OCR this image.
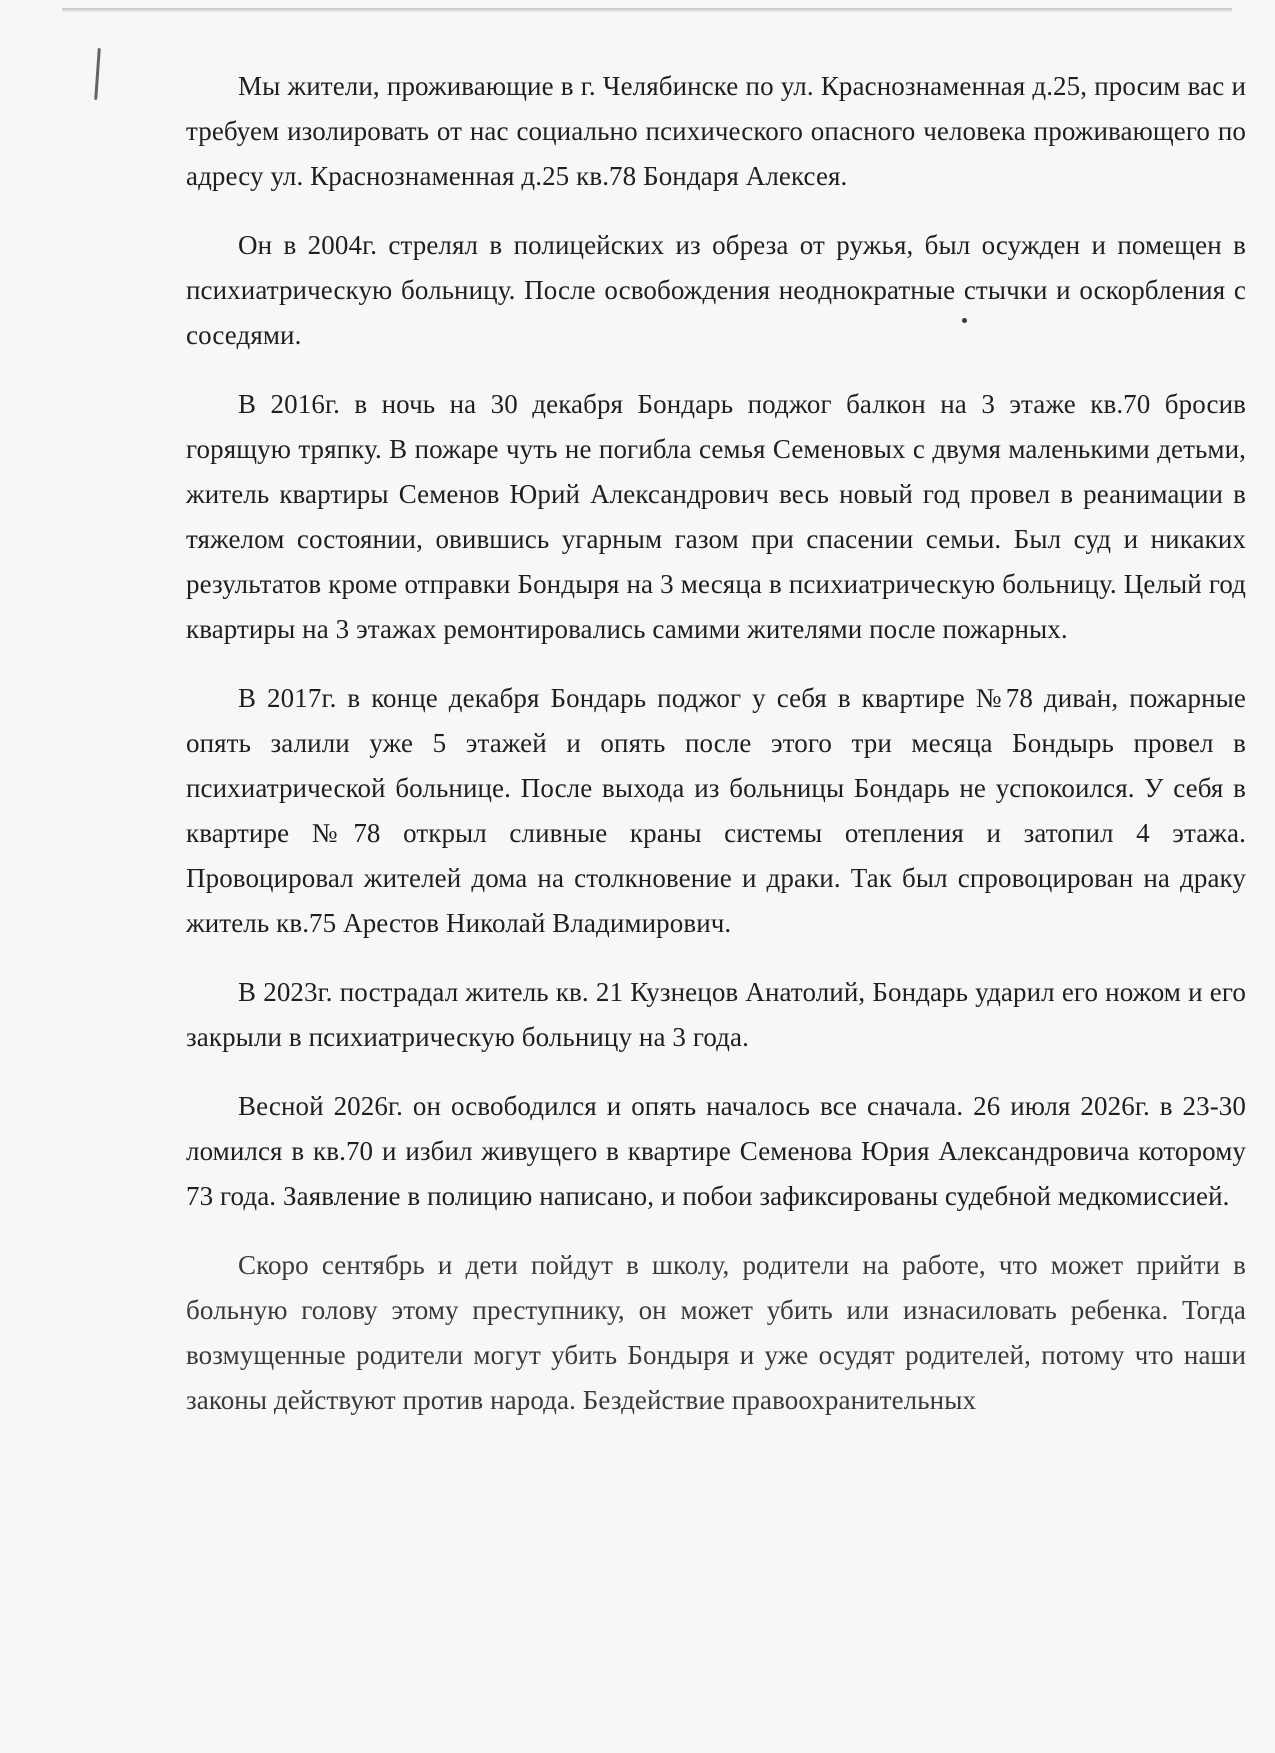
Мы жители, проживающие в г. Челябинске по ул. Краснознаменная д.25, просим вас и требуем изолировать от нас социально психического опасного человека проживающего по адресу ул. Краснознаменная д.25 кв.78 Бондаря Алексея.

Он в 2004г. стрелял в полицейских из обреза от ружья, был осужден и помещен в психиатрическую больницу. После освобождения неоднократные стычки и оскорбления с соседями.

В 2016г. в ночь на 30 декабря Бондарь поджог балкон на 3 этаже кв.70 бросив горящую тряпку. В пожаре чуть не погибла семья Семеновых с двумя маленькими детьми, житель квартиры Семенов Юрий Александрович весь новый год провел в реанимации в тяжелом состоянии, овившись угарным газом при спасении семьи. Был суд и никаких результатов кроме отправки Бондыря на 3 месяца в психиатрическую больницу. Целый год квартиры на 3 этажах ремонтировались самими жителями после пожарных.

В 2017г. в конце декабря Бондарь поджог у себя в квартире №78 диван, пожарные опять залили уже 5 этажей и опять после этого три месяца Бондырь провел в психиатрической больнице. После выхода из больницы Бондарь не успокоился. У себя в квартире №78 открыл сливные краны системы отепления и затопил 4 этажа. Провоцировал жителей дома на столкновение и драки. Так был спровоцирован на драку житель кв.75 Арестов Николай Владимирович.

В 2023г. пострадал житель кв. 21 Кузнецов Анатолий, Бондарь ударил его ножом и его закрыли в психиатрическую больницу на 3 года.

Весной 2026г. он освободился и опять началось все сначала. 26 июля 2026г. в 23-30 ломился в кв.70 и избил живущего в квартире Семенова Юрия Александровича которому 73 года. Заявление в полицию написано, и побои зафиксированы судебной медкомиссией.

Скоро сентябрь и дети пойдут в школу, родители на работе, что может прийти в больную голову этому преступнику, он может убить или изнасиловать ребенка. Тогда возмущенные родители могут убить Бондыря и уже осудят родителей, потому что наши законы действуют против народа. Бездействие правоохранительных
